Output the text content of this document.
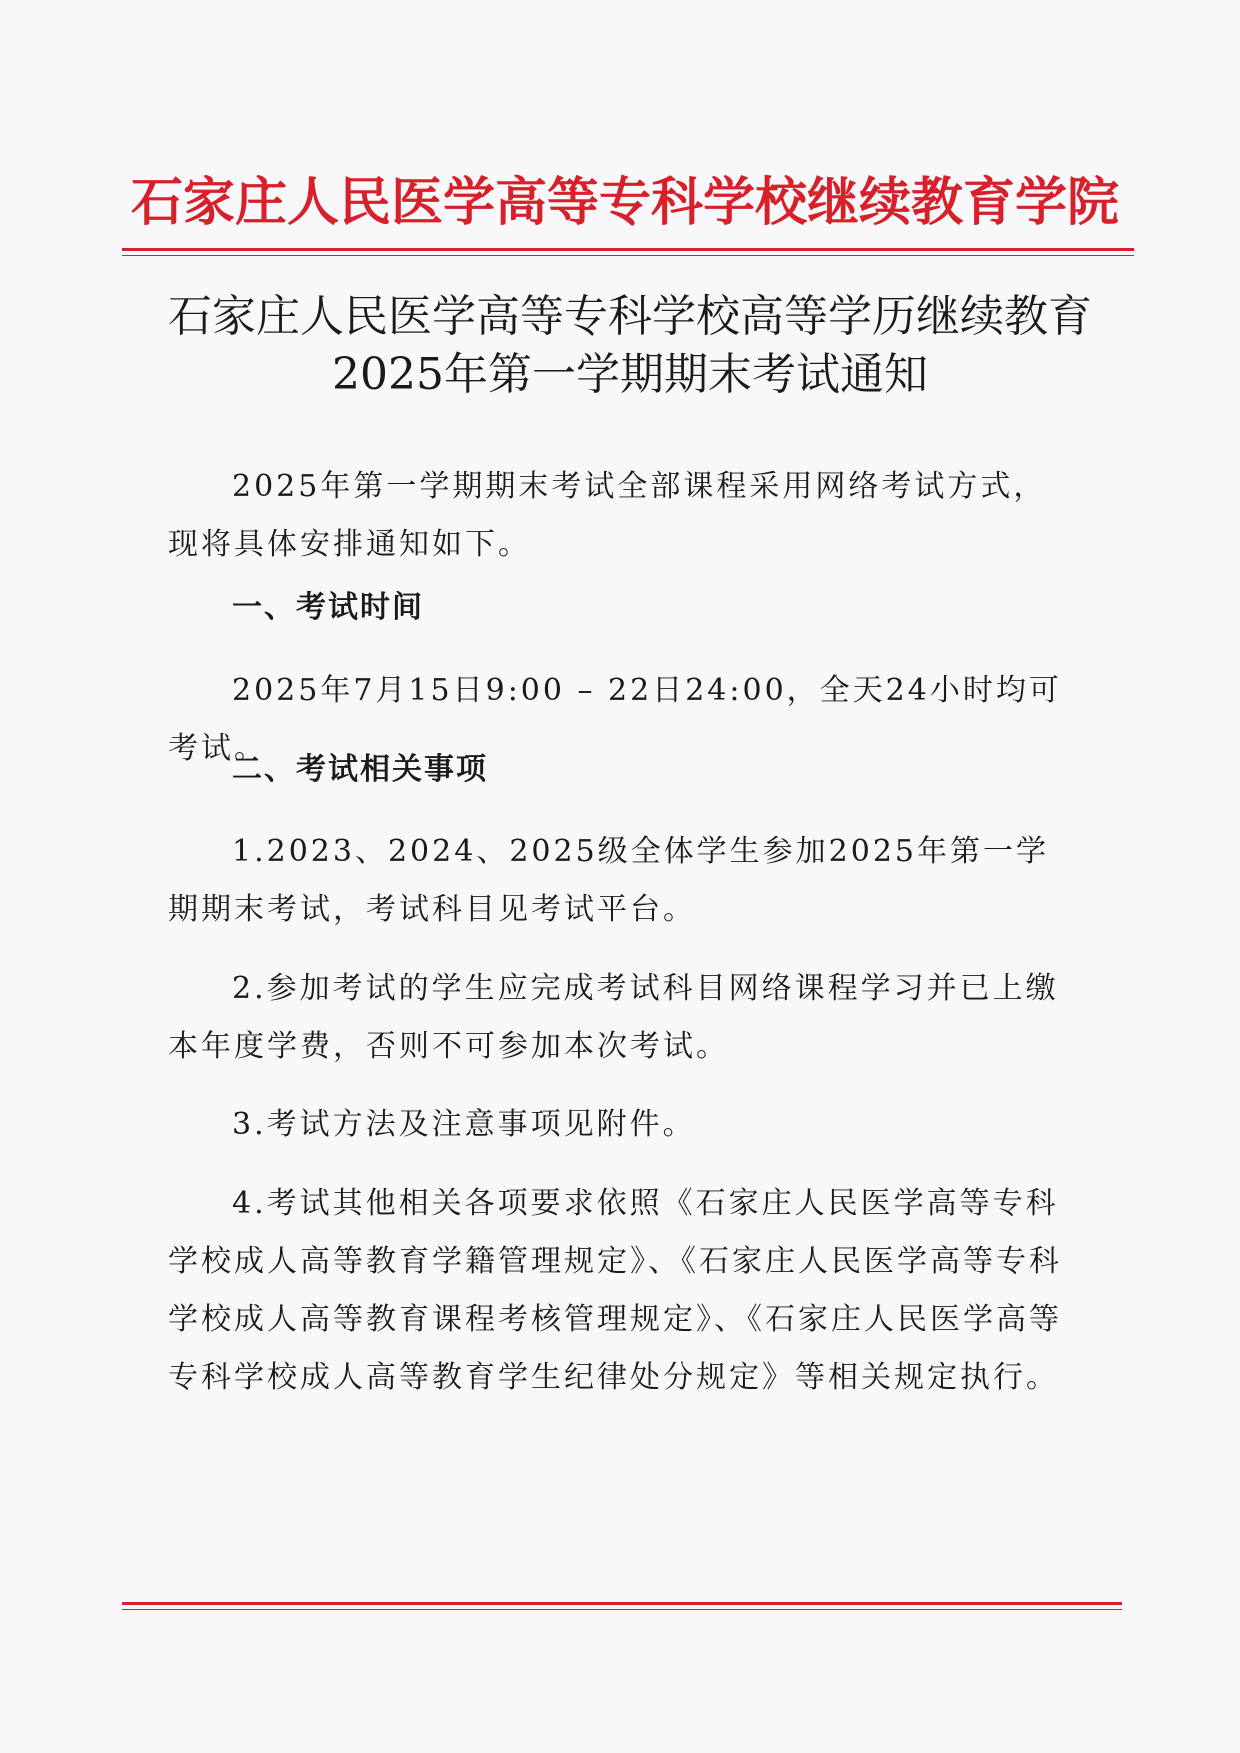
石家庄人民医学高等专科学校继续教育学院
石家庄人民医学高等专科学校高等学历继续教育
2025年第一学期期末考试通知

2025年第一学期期末考试全部课程采用网络考试方式，现将具体安排通知如下。

一、考试时间

2025年7月15日9:00 – 22日24:00，全天24小时均可考试。

二、考试相关事项

1.2023、2024、2025级全体学生参加2025年第一学期期末考试，考试科目见考试平台。

2.参加考试的学生应完成考试科目网络课程学习并已上缴本年度学费，否则不可参加本次考试。

3.考试方法及注意事项见附件。

4.考试其他相关各项要求依照《石家庄人民医学高等专科学校成人高等教育学籍管理规定》、《石家庄人民医学高等专科学校成人高等教育课程考核管理规定》、《石家庄人民医学高等专科学校成人高等教育学生纪律处分规定》等相关规定执行。
